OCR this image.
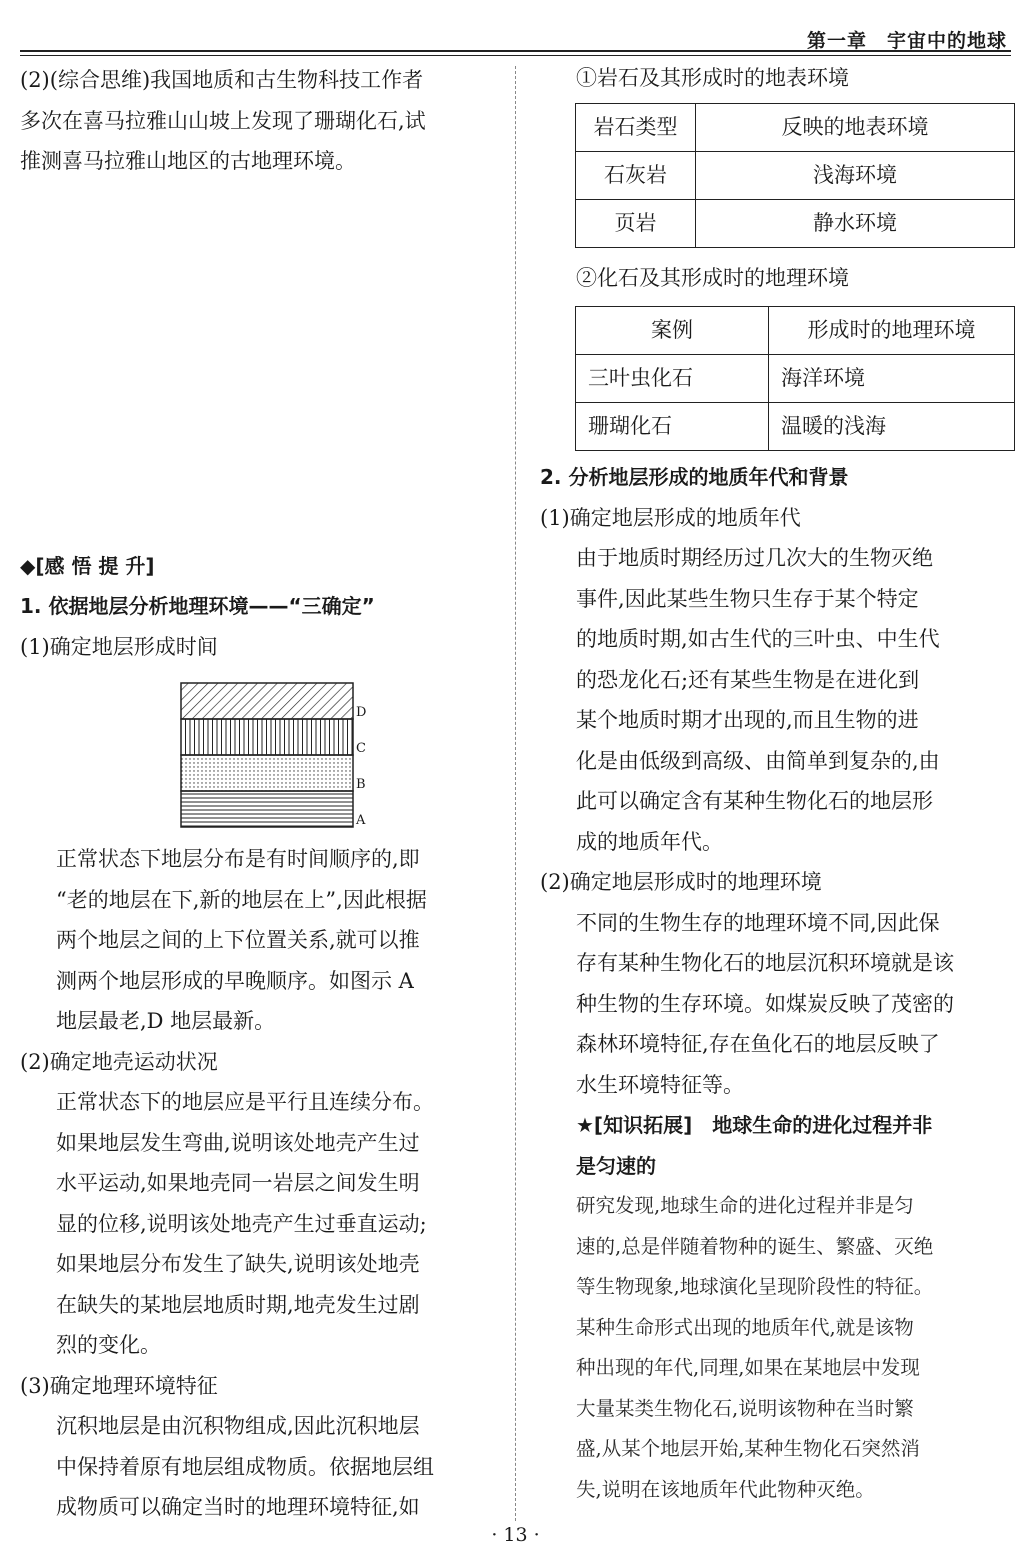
第一章　宇宙中的地球

(2)(综合思维)我国地质和古生物科技工作者

多次在喜马拉雅山山坡上发现了珊瑚化石,试

推测喜马拉雅山地区的古地理环境。

◆[感 悟 提 升]

1. 依据地层分析地理环境——“三确定”

(1)确定地层形成时间

D
C
B
A

正常状态下地层分布是有时间顺序的,即

“老的地层在下,新的地层在上”,因此根据

两个地层之间的上下位置关系,就可以推

测两个地层形成的早晚顺序。如图示 A

地层最老,D 地层最新。

(2)确定地壳运动状况

正常状态下的地层应是平行且连续分布。

如果地层发生弯曲,说明该处地壳产生过

水平运动,如果地壳同一岩层之间发生明

显的位移,说明该处地壳产生过垂直运动;

如果地层分布发生了缺失,说明该处地壳

在缺失的某地层地质时期,地壳发生过剧

烈的变化。

(3)确定地理环境特征

沉积地层是由沉积物组成,因此沉积地层

中保持着原有地层组成物质。依据地层组

成物质可以确定当时的地理环境特征,如

①岩石及其形成时的地表环境

岩石类型	反映的地表环境
石灰岩	浅海环境
页岩	静水环境

②化石及其形成时的地理环境

案例	形成时的地理环境
三叶虫化石	海洋环境
珊瑚化石	温暖的浅海

2. 分析地层形成的地质年代和背景

(1)确定地层形成的地质年代

由于地质时期经历过几次大的生物灭绝

事件,因此某些生物只生存于某个特定

的地质时期,如古生代的三叶虫、中生代

的恐龙化石;还有某些生物是在进化到

某个地质时期才出现的,而且生物的进

化是由低级到高级、由简单到复杂的,由

此可以确定含有某种生物化石的地层形

成的地质年代。

(2)确定地层形成时的地理环境

不同的生物生存的地理环境不同,因此保

存有某种生物化石的地层沉积环境就是该

种生物的生存环境。如煤炭反映了茂密的

森林环境特征,存在鱼化石的地层反映了

水生环境特征等。

★[知识拓展]　地球生命的进化过程并非

是匀速的

研究发现,地球生命的进化过程并非是匀

速的,总是伴随着物种的诞生、繁盛、灭绝

等生物现象,地球演化呈现阶段性的特征。

某种生命形式出现的地质年代,就是该物

种出现的年代,同理,如果在某地层中发现

大量某类生物化石,说明该物种在当时繁

盛,从某个地层开始,某种生物化石突然消

失,说明在该地质年代此物种灭绝。

· 13 ·
